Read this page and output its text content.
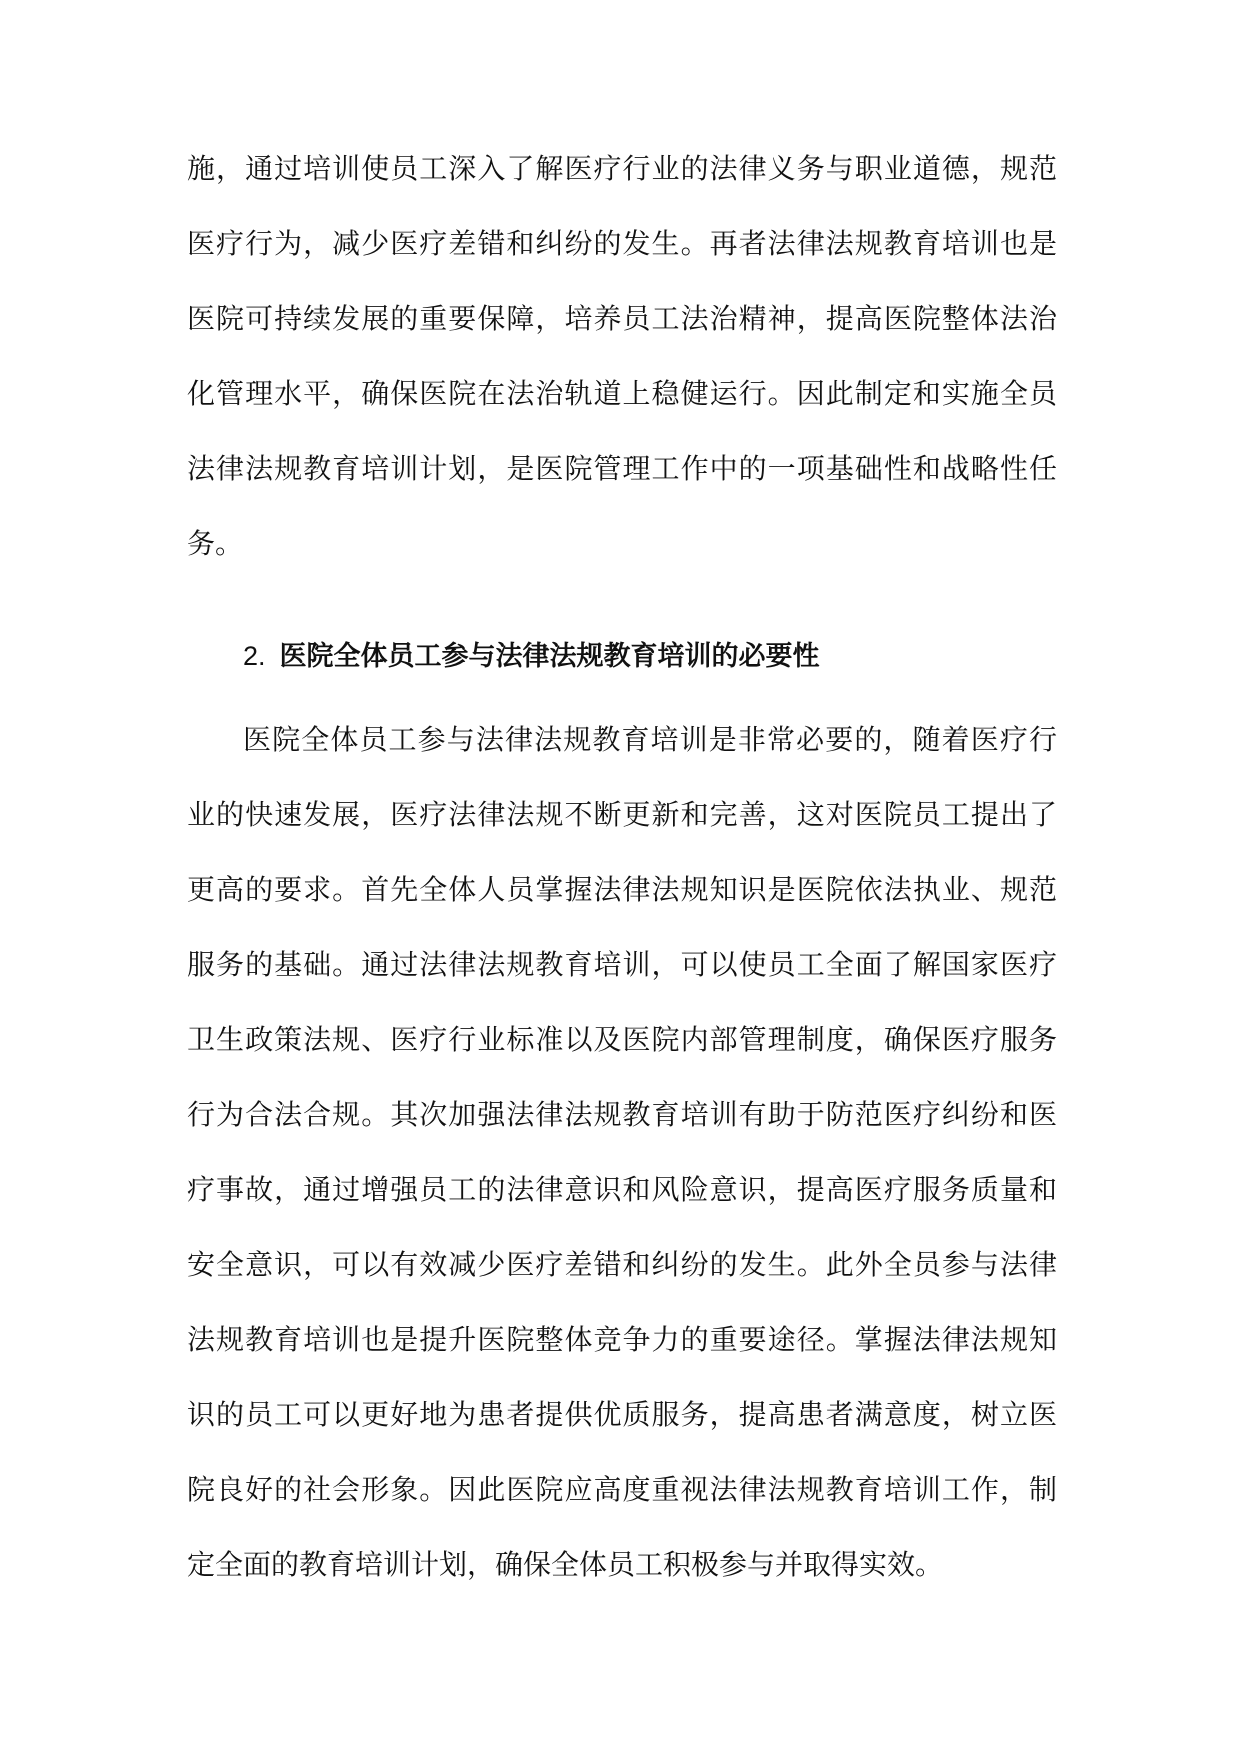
施，通过培训使员工深入了解医疗行业的法律义务与职业道德，规范
医疗行为，减少医疗差错和纠纷的发生。再者法律法规教育培训也是
医院可持续发展的重要保障，培养员工法治精神，提高医院整体法治
化管理水平，确保医院在法治轨道上稳健运行。因此制定和实施全员
法律法规教育培训计划，是医院管理工作中的一项基础性和战略性任
务。
2. 医院全体员工参与法律法规教育培训的必要性
医院全体员工参与法律法规教育培训是非常必要的，随着医疗行
业的快速发展，医疗法律法规不断更新和完善，这对医院员工提出了
更高的要求。首先全体人员掌握法律法规知识是医院依法执业、规范
服务的基础。通过法律法规教育培训，可以使员工全面了解国家医疗
卫生政策法规、医疗行业标准以及医院内部管理制度，确保医疗服务
行为合法合规。其次加强法律法规教育培训有助于防范医疗纠纷和医
疗事故，通过增强员工的法律意识和风险意识，提高医疗服务质量和
安全意识，可以有效减少医疗差错和纠纷的发生。此外全员参与法律
法规教育培训也是提升医院整体竞争力的重要途径。掌握法律法规知
识的员工可以更好地为患者提供优质服务，提高患者满意度，树立医
院良好的社会形象。因此医院应高度重视法律法规教育培训工作，制
定全面的教育培训计划，确保全体员工积极参与并取得实效。
